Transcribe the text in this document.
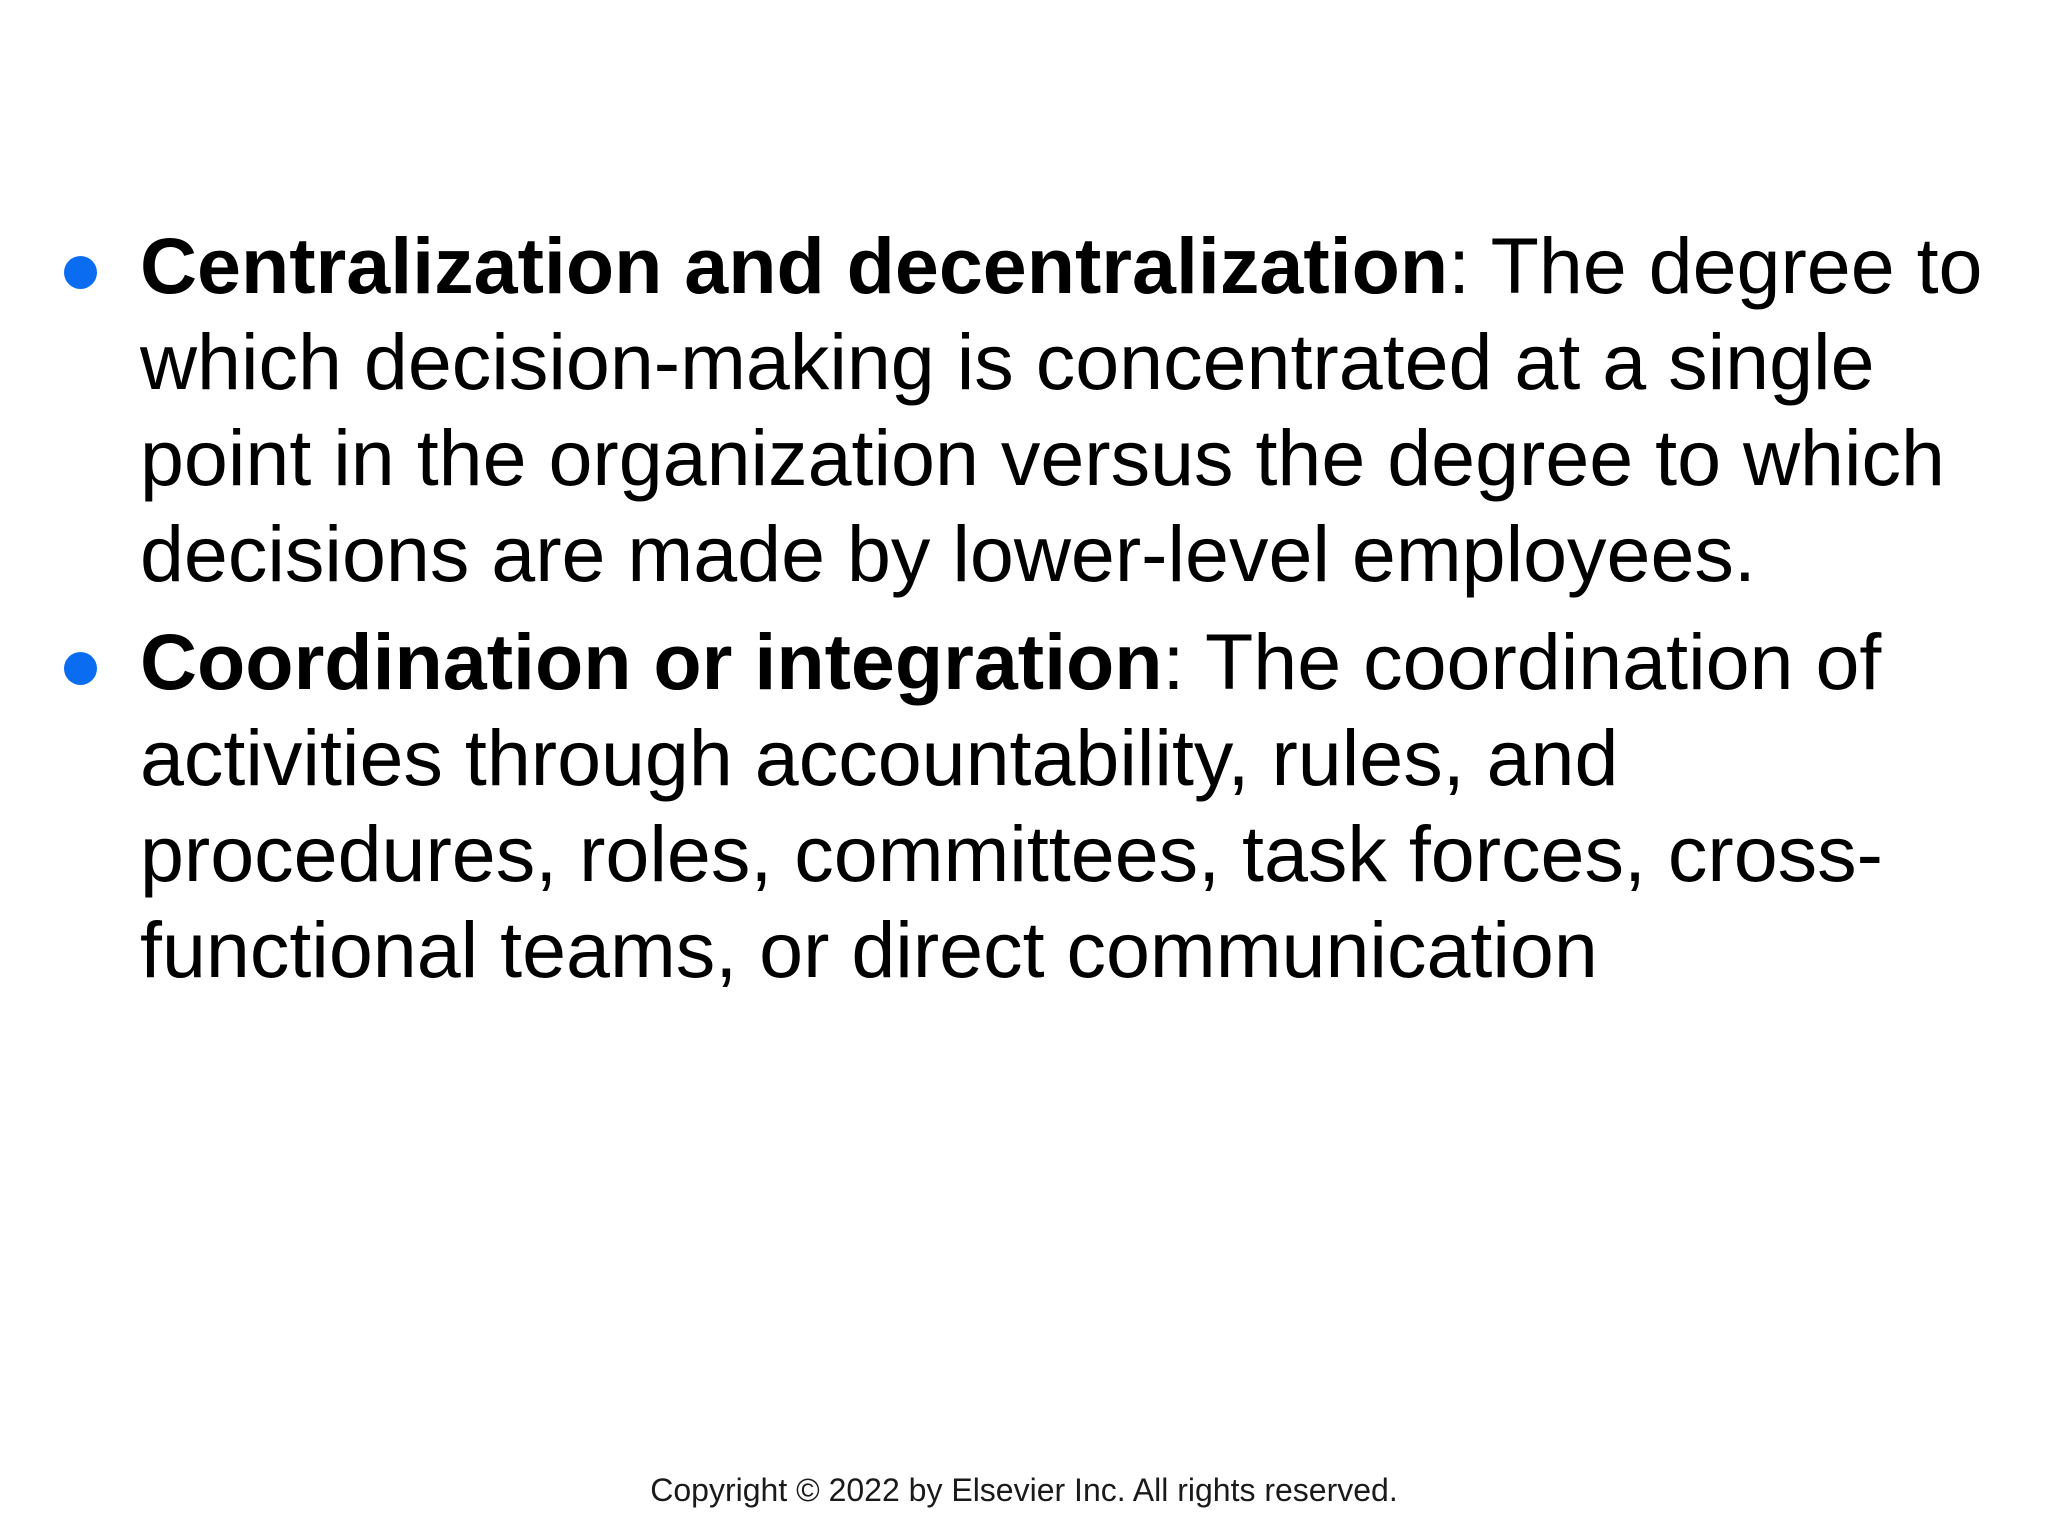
Centralization and decentralization: The degree to which decision-making is concentrated at a single point in the organization versus the degree to which decisions are made by lower-level employees.
Coordination or integration: The coordination of activities through accountability, rules, and procedures, roles, committees, task forces, cross-functional teams, or direct communication
Copyright © 2022 by Elsevier Inc. All rights reserved.
